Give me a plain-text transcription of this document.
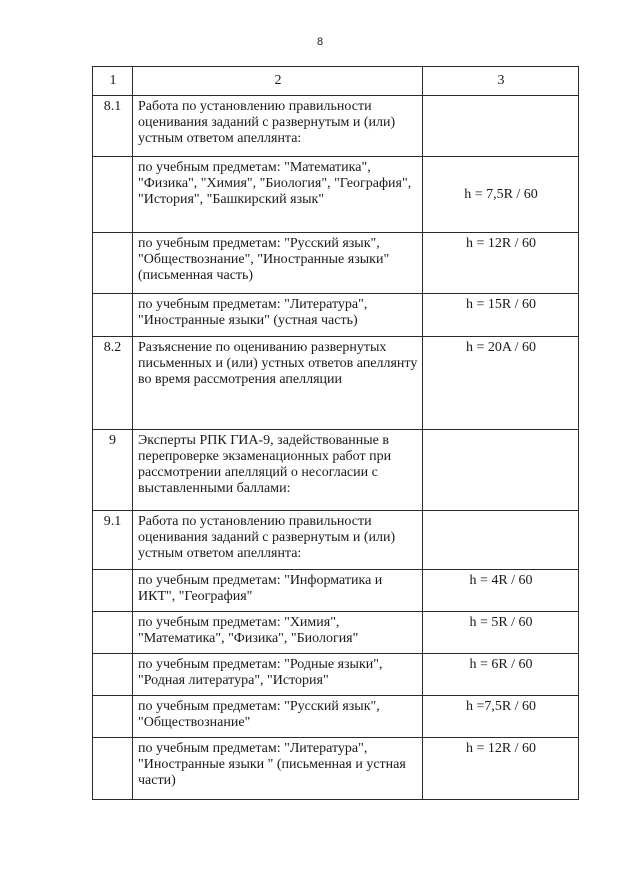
8
1	2	3
8.1	Работа по установлению правильности оценивания заданий с развернутым и (или) устным ответом апеллянта:	
	по учебным предметам: "Математика", "Физика", "Химия", "Биология", "География", "История", "Башкирский язык"	h = 7,5R / 60
	по учебным предметам: "Русский язык", "Обществознание", "Иностранные языки" (письменная часть)	h = 12R / 60
	по учебным предметам: "Литература", "Иностранные языки" (устная часть)	h = 15R / 60
8.2	Разъяснение по оцениванию развернутых письменных и (или) устных ответов апеллянту во время рассмотрения апелляции	h = 20A / 60
9	Эксперты РПК ГИА-9, задействованные в перепроверке экзаменационных работ при рассмотрении апелляций о несогласии с выставленными баллами:	
9.1	Работа по установлению правильности оценивания заданий с развернутым и (или) устным ответом апеллянта:	
	по учебным предметам: "Информатика и ИКТ", "География"	h = 4R / 60
	по учебным предметам: "Химия", "Математика", "Физика", "Биология"	h = 5R / 60
	по учебным предметам: "Родные языки", "Родная литература", "История"	h = 6R / 60
	по учебным предметам: "Русский язык", "Обществознание"	h =7,5R / 60
	по учебным предметам: "Литература", "Иностранные языки " (письменная и устная части)	h = 12R / 60
